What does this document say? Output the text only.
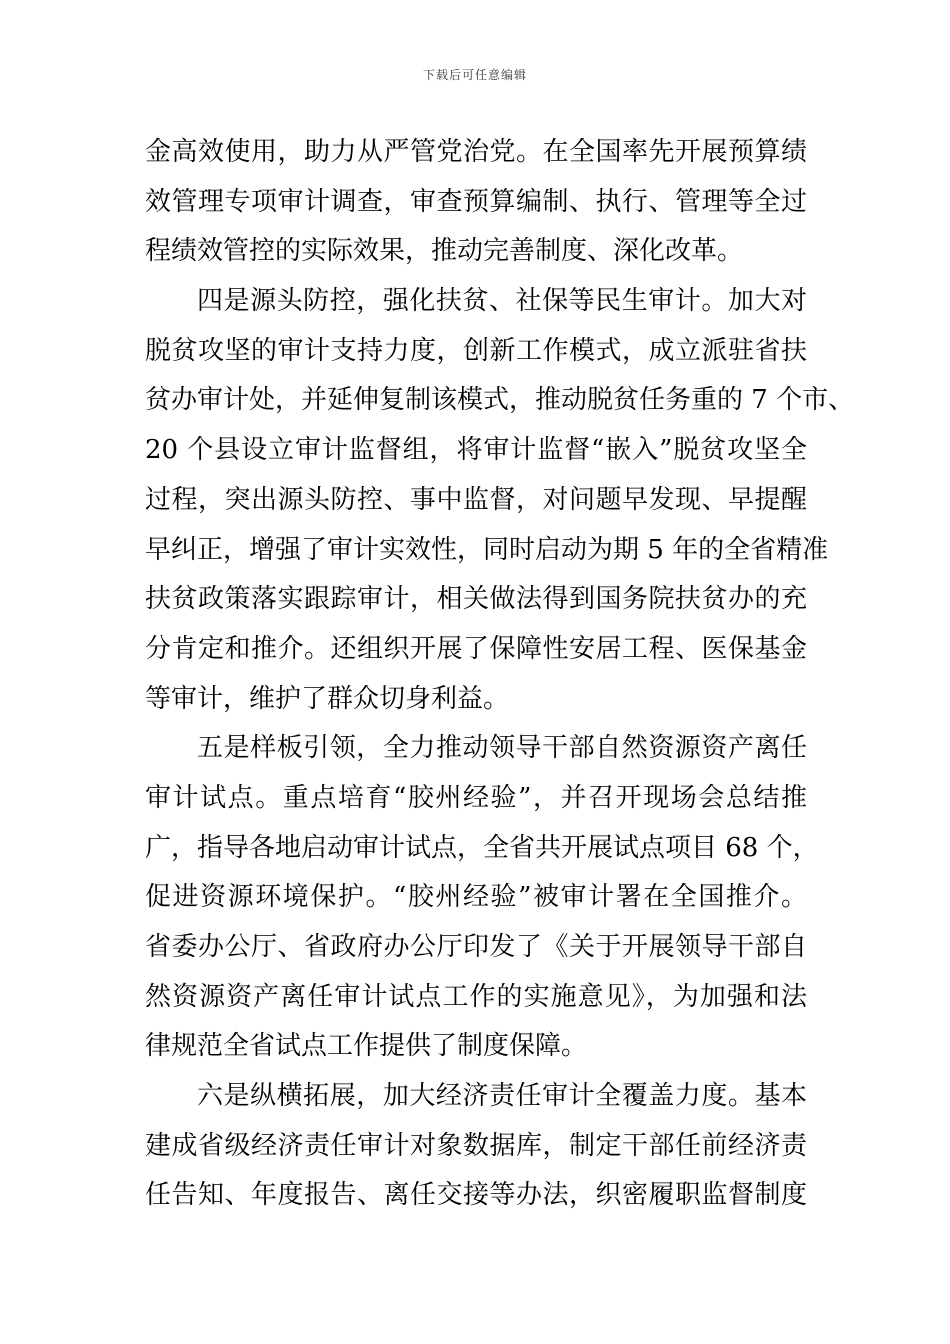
下载后可任意编辑
金高效使用，助力从严管党治党。在全国率先开展预算绩
效管理专项审计调查，审查预算编制、执行、管理等全过
程绩效管控的实际效果，推动完善制度、深化改革。
四是源头防控，强化扶贫、社保等民生审计。加大对
脱贫攻坚的审计支持力度，创新工作模式，成立派驻省扶
贫办审计处，并延伸复制该模式，推动脱贫任务重的 7 个市、
20 个县设立审计监督组，将审计监督“嵌入”脱贫攻坚全
过程，突出源头防控、事中监督，对问题早发现、早提醒
早纠正，增强了审计实效性，同时启动为期 5 年的全省精准
扶贫政策落实跟踪审计，相关做法得到国务院扶贫办的充
分肯定和推介。还组织开展了保障性安居工程、医保基金
等审计，维护了群众切身利益。
五是样板引领，全力推动领导干部自然资源资产离任
审计试点。重点培育“胶州经验”，并召开现场会总结推
广，指导各地启动审计试点，全省共开展试点项目 68 个，
促进资源环境保护。“胶州经验”被审计署在全国推介。
省委办公厅、省政府办公厅印发了《关于开展领导干部自
然资源资产离任审计试点工作的实施意见》，为加强和法
律规范全省试点工作提供了制度保障。
六是纵横拓展，加大经济责任审计全覆盖力度。基本
建成省级经济责任审计对象数据库，制定干部任前经济责
任告知、年度报告、离任交接等办法，织密履职监督制度
